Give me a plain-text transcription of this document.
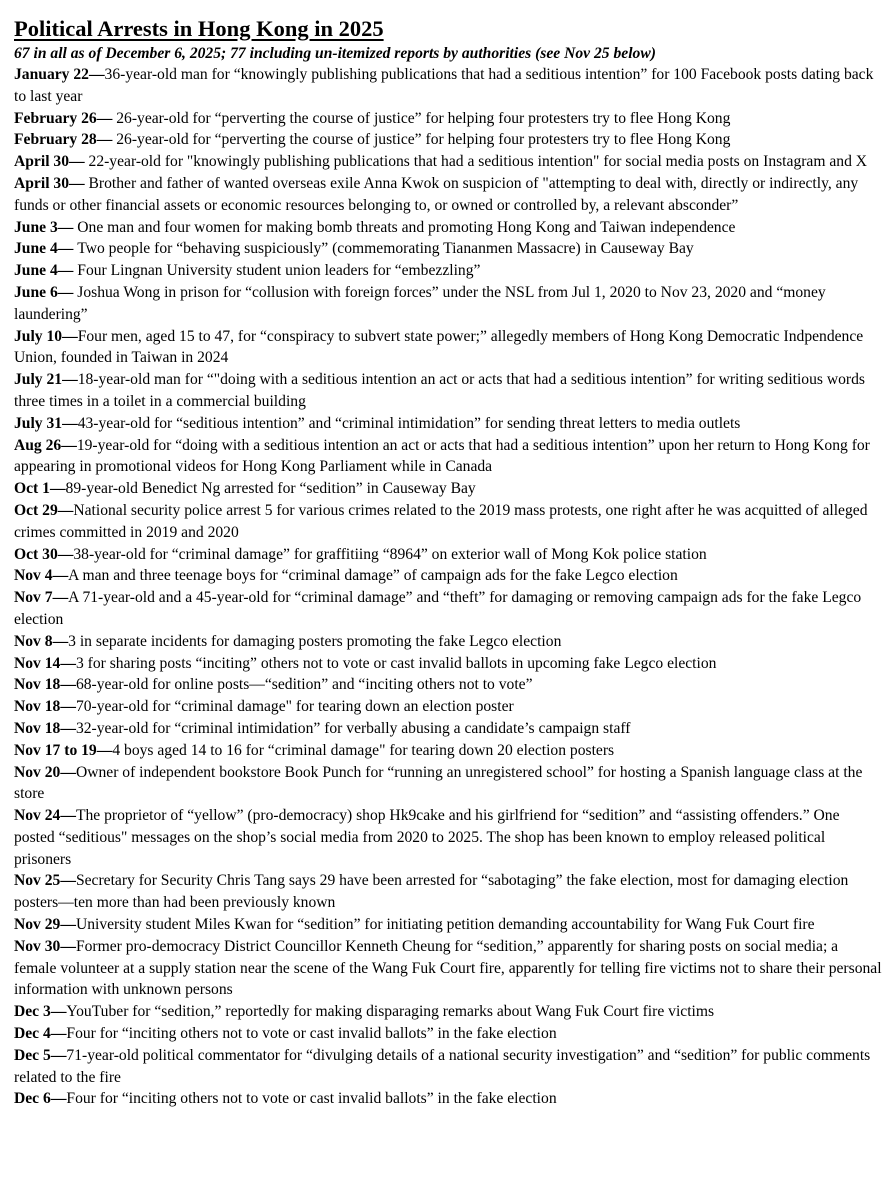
Political Arrests in Hong Kong in 2025

67 in all as of December 6, 2025; 77 including un-itemized reports by authorities (see Nov 25 below)

January 22—36-year-old man for “knowingly publishing publications that had a seditious intention” for 100 Facebook posts dating back to last year

February 26— 26-year-old for “perverting the course of justice” for helping four protesters try to flee Hong Kong

February 28— 26-year-old for “perverting the course of justice” for helping four protesters try to flee Hong Kong

April 30— 22-year-old for "knowingly publishing publications that had a seditious intention" for social media posts on Instagram and X

April 30— Brother and father of wanted overseas exile Anna Kwok on suspicion of "attempting to deal with, directly or indirectly, any funds or other financial assets or economic resources belonging to, or owned or controlled by, a relevant absconder”

June 3— One man and four women for making bomb threats and promoting Hong Kong and Taiwan independence

June 4— Two people for “behaving suspiciously” (commemorating Tiananmen Massacre) in Causeway Bay

June 4— Four Lingnan University student union leaders for “embezzling”

June 6— Joshua Wong in prison for “collusion with foreign forces” under the NSL from Jul 1, 2020 to Nov 23, 2020 and “money laundering”

July 10—Four men, aged 15 to 47, for “conspiracy to subvert state power;” allegedly members of Hong Kong Democratic Indpendence Union, founded in Taiwan in 2024

July 21—18-year-old man for “"doing with a seditious intention an act or acts that had a seditious intention” for writing seditious words three times in a toilet in a commercial building

July 31—43-year-old for “seditious intention” and “criminal intimidation” for sending threat letters to media outlets

Aug 26—19-year-old for “doing with a seditious intention an act or acts that had a seditious intention” upon her return to Hong Kong for appearing in promotional videos for Hong Kong Parliament while in Canada

Oct 1—89-year-old Benedict Ng arrested for “sedition” in Causeway Bay

Oct 29—National security police arrest 5 for various crimes related to the 2019 mass protests, one right after he was acquitted of alleged crimes committed in 2019 and 2020

Oct 30—38-year-old for “criminal damage” for graffitiing “8964” on exterior wall of Mong Kok police station

Nov 4—A man and three teenage boys for “criminal damage” of campaign ads for the fake Legco election

Nov 7—A 71-year-old and a 45-year-old for “criminal damage” and “theft” for damaging or removing campaign ads for the fake Legco election

Nov 8—3 in separate incidents for damaging posters promoting the fake Legco election

Nov 14—3 for sharing posts “inciting” others not to vote or cast invalid ballots in upcoming fake Legco election

Nov 18—68-year-old for online posts—“sedition” and “inciting others not to vote”

Nov 18—70-year-old for “criminal damage" for tearing down an election poster

Nov 18—32-year-old for “criminal intimidation” for verbally abusing a candidate’s campaign staff

Nov 17 to 19—4 boys aged 14 to 16 for “criminal damage" for tearing down 20 election posters

Nov 20—Owner of independent bookstore Book Punch for “running an unregistered school” for hosting a Spanish language class at the store

Nov 24—The proprietor of “yellow” (pro-democracy) shop Hk9cake and his girlfriend for “sedition” and “assisting offenders.” One posted “seditious" messages on the shop’s social media from 2020 to 2025. The shop has been known to employ released political prisoners

Nov 25—Secretary for Security Chris Tang says 29 have been arrested for “sabotaging” the fake election, most for damaging election posters—ten more than had been previously known

Nov 29—University student Miles Kwan for “sedition” for initiating petition demanding accountability for Wang Fuk Court fire

Nov 30—Former pro-democracy District Councillor Kenneth Cheung for “sedition,” apparently for sharing posts on social media; a female volunteer at a supply station near the scene of the Wang Fuk Court fire, apparently for telling fire victims not to share their personal information with unknown persons

Dec 3—YouTuber for “sedition,” reportedly for making disparaging remarks about Wang Fuk Court fire victims

Dec 4—Four for “inciting others not to vote or cast invalid ballots” in the fake election

Dec 5—71-year-old political commentator for “divulging details of a national security investigation” and “sedition” for public comments related to the fire

Dec 6—Four for “inciting others not to vote or cast invalid ballots” in the fake election
